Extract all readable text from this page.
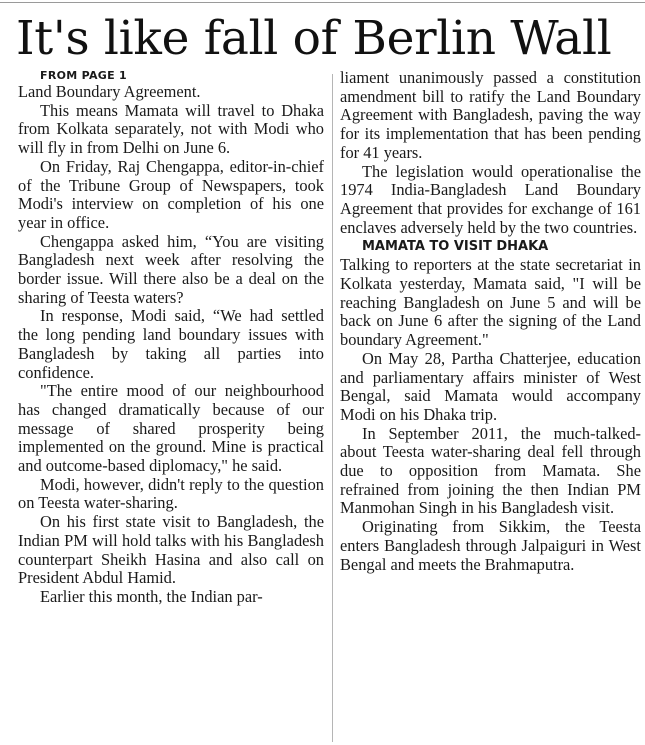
It's like fall of Berlin Wall

FROM PAGE 1

Land Boundary Agreement.

This means Mamata will travel to Dhaka from Kolkata separately, not with Modi who will fly in from Delhi on June 6.

On Friday, Raj Chengappa, editor-in-chief of the Tribune Group of Newspapers, took Modi's interview on completion of his one year in office.

Chengappa asked him, “You are visiting Bangladesh next week after resolving the border issue. Will there also be a deal on the sharing of Teesta waters?

In response, Modi said, “We had settled the long pending land boundary issues with Bangladesh by taking all parties into confidence.

"The entire mood of our neighbourhood has changed dramatically because of our message of shared prosperity being implemented on the ground. Mine is practical and outcome-based diplomacy," he said.

Modi, however, didn't reply to the question on Teesta water-sharing.

On his first state visit to Bangladesh, the Indian PM will hold talks with his Bangladesh counterpart Sheikh Hasina and also call on President Abdul Hamid.

Earlier this month, the Indian par-

liament unanimously passed a constitution amendment bill to ratify the Land Boundary Agreement with Bangladesh, paving the way for its implementation that has been pending for 41 years.

The legislation would operationalise the 1974 India-Bangladesh Land Boundary Agreement that provides for exchange of 161 enclaves adversely held by the two countries.

MAMATA TO VISIT DHAKA

Talking to reporters at the state secretariat in Kolkata yesterday, Mamata said, "I will be reaching Bangladesh on June 5 and will be back on June 6 after the signing of the Land boundary Agreement."

On May 28, Partha Chatterjee, education and parliamentary affairs minister of West Bengal, said Mamata would accompany Modi on his Dhaka trip.

In September 2011, the much-talked-about Teesta water-sharing deal fell through due to opposition from Mamata. She refrained from joining the then Indian PM Manmohan Singh in his Bangladesh visit.

Originating from Sikkim, the Teesta enters Bangladesh through Jalpaiguri in West Bengal and meets the Brahmaputra.
